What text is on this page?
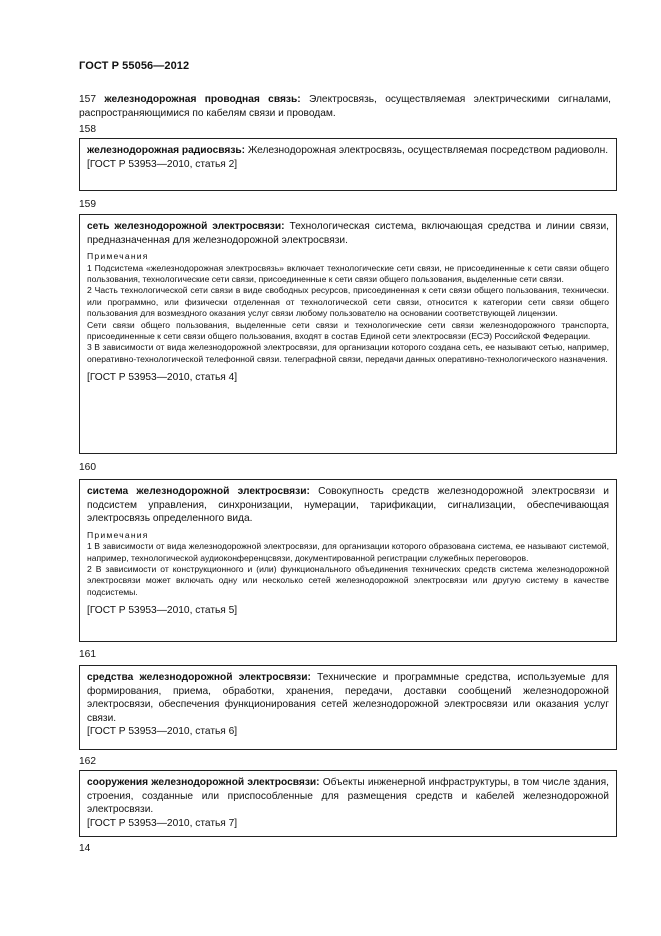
ГОСТ Р 55056—2012
157 железнодорожная проводная связь: Электросвязь, осуществляемая электрическими сигналами, распространяющимися по кабелям связи и проводам.
158

железнодорожная радиосвязь: Железнодорожная электросвязь, осуществляемая посредством радиоволн.

[ГОСТ Р 53953—2010, статья 2]

159

сеть железнодорожной электросвязи: Технологическая система, включающая средства и линии связи, предназначенная для железнодорожной электросвязи.

Примечания

1 Подсистема «железнодорожная электросвязь» включает технологические сети связи, не присоединенные к сети связи общего пользования, технологические сети связи, присоединенные к сети связи общего пользования, выделенные сети связи.

2 Часть технологической сети связи в виде свободных ресурсов, присоединенная к сети связи общего пользования, технически. или программно, или физически отделенная от технологической сети связи, относится к категории сети связи общего пользования для возмездного оказания услуг связи любому пользователю на основании соответствующей лицензии.

Сети связи общего пользования, выделенные сети связи и технологические сети связи железнодорожного транспорта, присоединенные к сети связи общего пользования, входят в состав Единой сети электросвязи (ЕСЭ) Российской Федерации.

3 В зависимости от вида железнодорожной электросвязи, для организации которого создана сеть, ее называют сетью, например, оперативно-технологической телефонной связи. телеграфной связи, передачи данных оперативно-технологического назначения.

[ГОСТ Р 53953—2010, статья 4]

160

система железнодорожной электросвязи: Совокупность средств железнодорожной электросвязи и подсистем управления, синхронизации, нумерации, тарификации, сигнализации, обеспечивающая электросвязь определенного вида.

Примечания

1 В зависимости от вида железнодорожной электросвязи, для организации которого образована система, ее называют системой, например, технологической аудиоконференцсвязи, документированной регистрации служебных переговоров.

2 В зависимости от конструкционного и (или) функционального объединения технических средств система железнодорожной электросвязи может включать одну или несколько сетей железнодорожной электросвязи или другую систему в качестве подсистемы.

[ГОСТ Р 53953—2010, статья 5]

161

средства железнодорожной электросвязи: Технические и программные средства, используемые для формирования, приема, обработки, хранения, передачи, доставки сообщений железнодорожной электросвязи, обеспечения функционирования сетей железнодорожной электросвязи или оказания услуг связи.

[ГОСТ Р 53953—2010, статья 6]

162

сооружения железнодорожной электросвязи: Объекты инженерной инфраструктуры, в том числе здания, строения, созданные или приспособленные для размещения средств и кабелей железнодорожной электросвязи.

[ГОСТ Р 53953—2010, статья 7]

14
